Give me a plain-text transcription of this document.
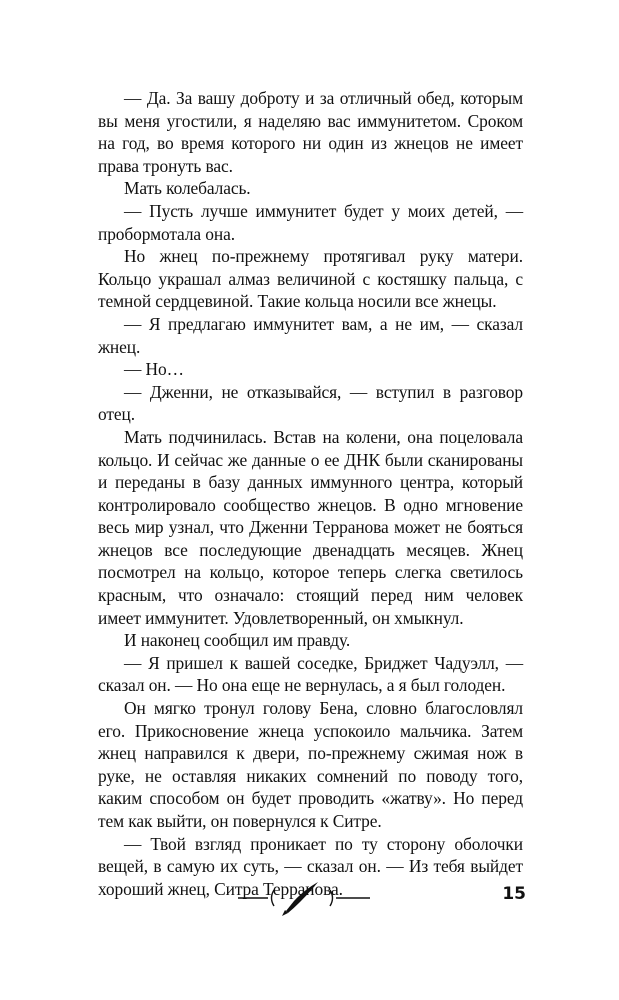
— Да. За вашу доброту и за отличный обед, которым вы меня угостили, я наделяю вас иммунитетом. Сроком на год, во время которого ни один из жнецов не имеет права тронуть вас.

Мать колебалась.

— Пусть лучше иммунитет будет у моих детей, — пробормотала она.

Но жнец по-прежнему протягивал руку матери. Кольцо украшал алмаз величиной с костяшку пальца, с темной сердцевиной. Такие кольца носили все жнецы.

— Я предлагаю иммунитет вам, а не им, — сказал жнец.

— Но…

— Дженни, не отказывайся, — вступил в разговор отец.

Мать подчинилась. Встав на колени, она поцеловала кольцо. И сейчас же данные о ее ДНК были сканированы и переданы в базу данных иммунного центра, который контролировало сообщество жнецов. В одно мгновение весь мир узнал, что Дженни Терранова может не бояться жнецов все последующие двенадцать месяцев. Жнец посмотрел на кольцо, которое теперь слегка светилось красным, что означало: стоящий перед ним человек имеет иммунитет. Удовлетворенный, он хмыкнул.

И наконец сообщил им правду.

— Я пришел к вашей соседке, Бриджет Чадуэлл, — сказал он. — Но она еще не вернулась, а я был голоден.

Он мягко тронул голову Бена, словно благословлял его. Прикосновение жнеца успокоило мальчика. Затем жнец направился к двери, по-прежнему сжимая нож в руке, не оставляя никаких сомнений по поводу того, каким способом он будет проводить «жатву». Но перед тем как выйти, он повернулся к Ситре.

— Твой взгляд проникает по ту сторону оболочки вещей, в самую их суть, — сказал он. — Из тебя выйдет хороший жнец, Ситра Терранова.	15
